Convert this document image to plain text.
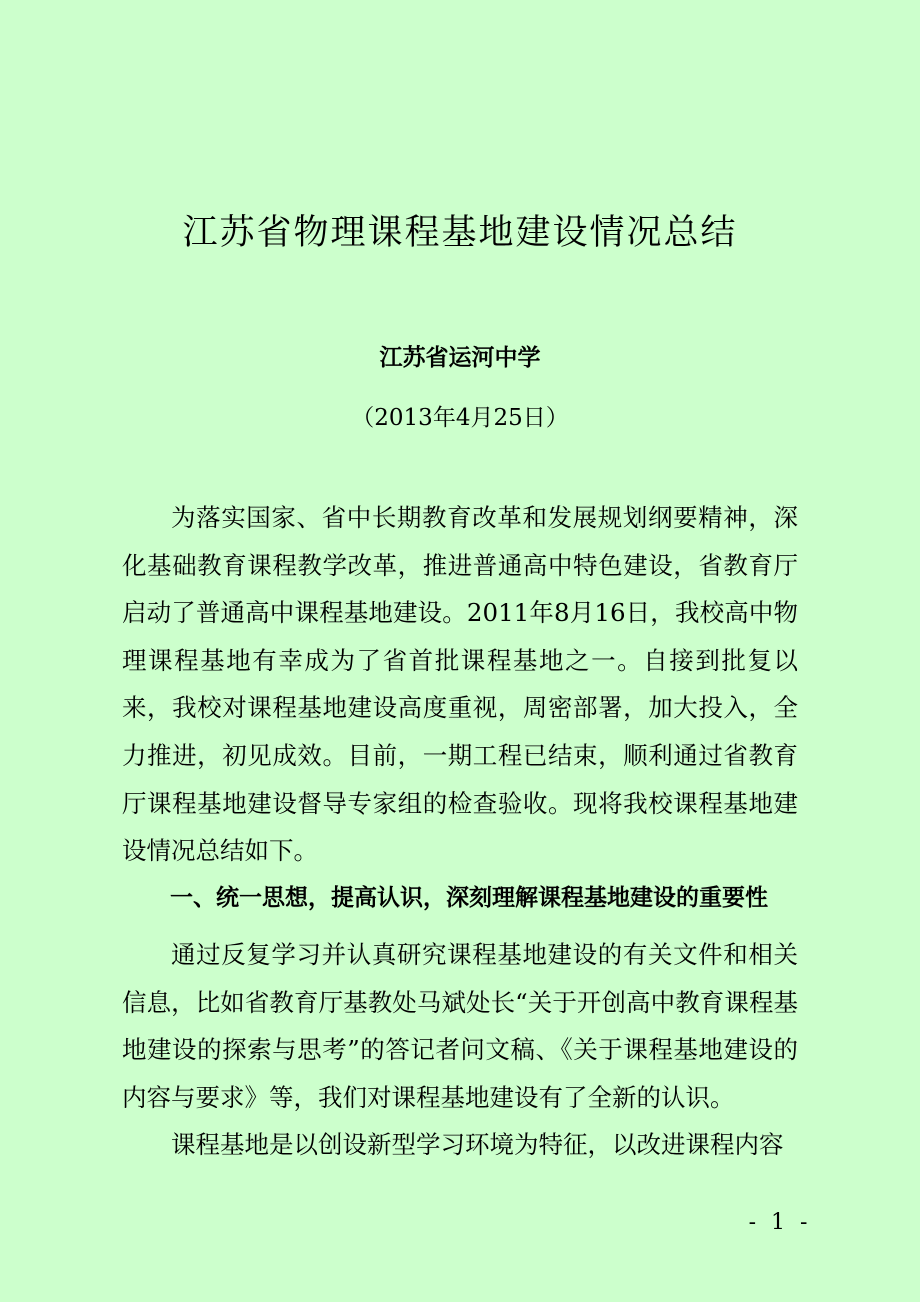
江苏省物理课程基地建设情况总结

江苏省运河中学

（2013年4月25日）

为落实国家、省中长期教育改革和发展规划纲要精神，深化基础教育课程教学改革，推进普通高中特色建设，省教育厅启动了普通高中课程基地建设。2011年8月16日，我校高中物理课程基地有幸成为了省首批课程基地之一。自接到批复以来，我校对课程基地建设高度重视，周密部署，加大投入，全力推进，初见成效。目前，一期工程已结束，顺利通过省教育厅课程基地建设督导专家组的检查验收。现将我校课程基地建设情况总结如下。

一、统一思想，提高认识，深刻理解课程基地建设的重要性

通过反复学习并认真研究课程基地建设的有关文件和相关信息，比如省教育厅基教处马斌处长“关于开创高中教育课程基地建设的探索与思考”的答记者问文稿、《关于课程基地建设的内容与要求》等，我们对课程基地建设有了全新的认识。

课程基地是以创设新型学习环境为特征，以改进课程内容

- 1 -
